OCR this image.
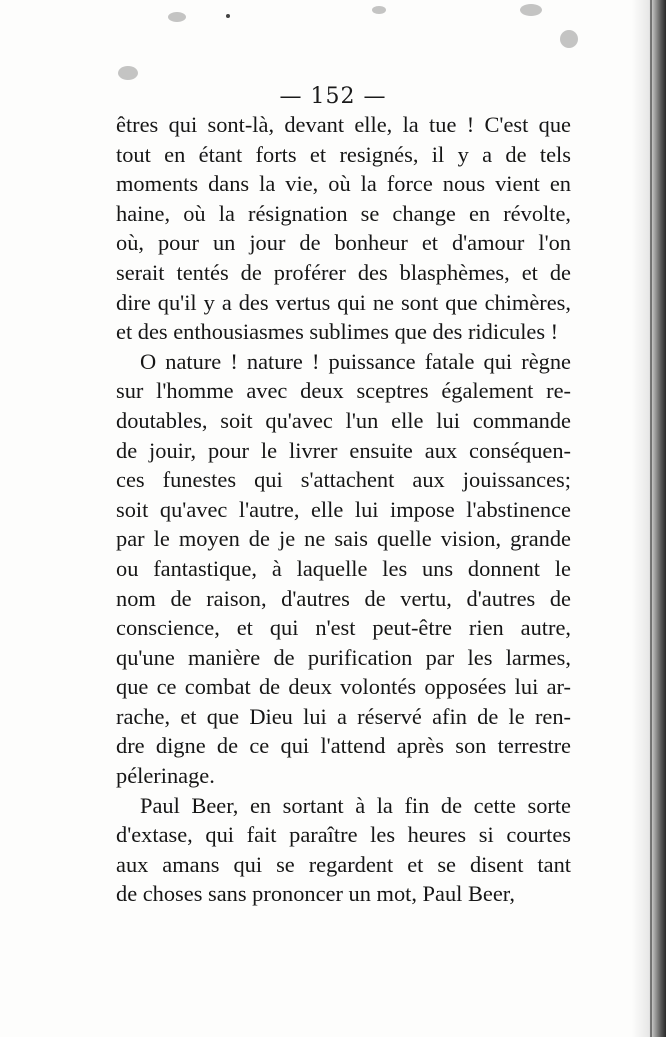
— 152 —
êtres qui sont-là, devant elle, la tue ! C'est que
tout en étant forts et resignés, il y a de tels
moments dans la vie, où la force nous vient en
haine, où la résignation se change en révolte,
où, pour un jour de bonheur et d'amour l'on
serait tentés de proférer des blasphèmes, et de
dire qu'il y a des vertus qui ne sont que chimères,
et des enthousiasmes sublimes que des ridicules !
O nature ! nature ! puissance fatale qui règne
sur l'homme avec deux sceptres également re-
doutables, soit qu'avec l'un elle lui commande
de jouir, pour le livrer ensuite aux conséquen-
ces funestes qui s'attachent aux jouissances;
soit qu'avec l'autre, elle lui impose l'abstinence
par le moyen de je ne sais quelle vision, grande
ou fantastique, à laquelle les uns donnent le
nom de raison, d'autres de vertu, d'autres de
conscience, et qui n'est peut-être rien autre,
qu'une manière de purification par les larmes,
que ce combat de deux volontés opposées lui ar-
rache, et que Dieu lui a réservé afin de le ren-
dre digne de ce qui l'attend après son terrestre
pélerinage.
Paul Beer, en sortant à la fin de cette sorte
d'extase, qui fait paraître les heures si courtes
aux amans qui se regardent et se disent tant
de choses sans prononcer un mot, Paul Beer,
